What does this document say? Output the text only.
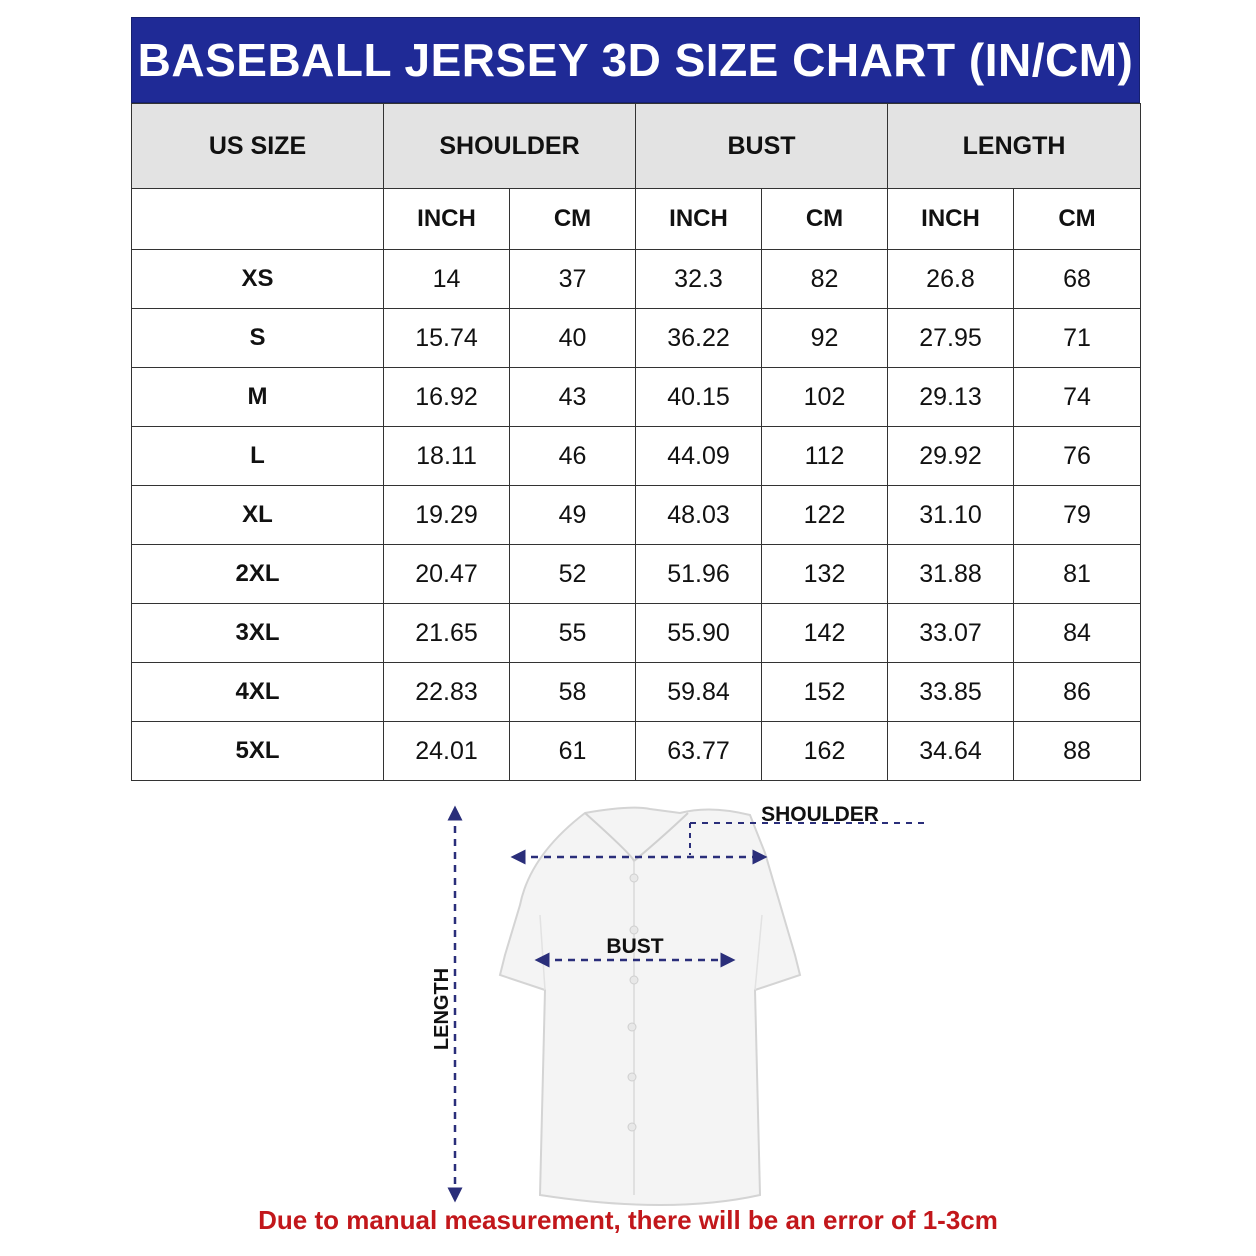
BASEBALL JERSEY 3D SIZE CHART (IN/CM)
US SIZE	SHOULDER		BUST		LENGTH	
	INCH	CM	INCH	CM	INCH	CM
XS	14	37	32.3	82	26.8	68
S	15.74	40	36.22	92	27.95	71
M	16.92	43	40.15	102	29.13	74
L	18.11	46	44.09	112	29.92	76
XL	19.29	49	48.03	122	31.10	79
2XL	20.47	52	51.96	132	31.88	81
3XL	21.65	55	55.90	142	33.07	84
4XL	22.83	58	59.84	152	33.85	86
5XL	24.01	61	63.77	162	34.64	88
LENGTH
SHOULDER
BUST
Due to manual measurement, there will be an error of 1-3cm
